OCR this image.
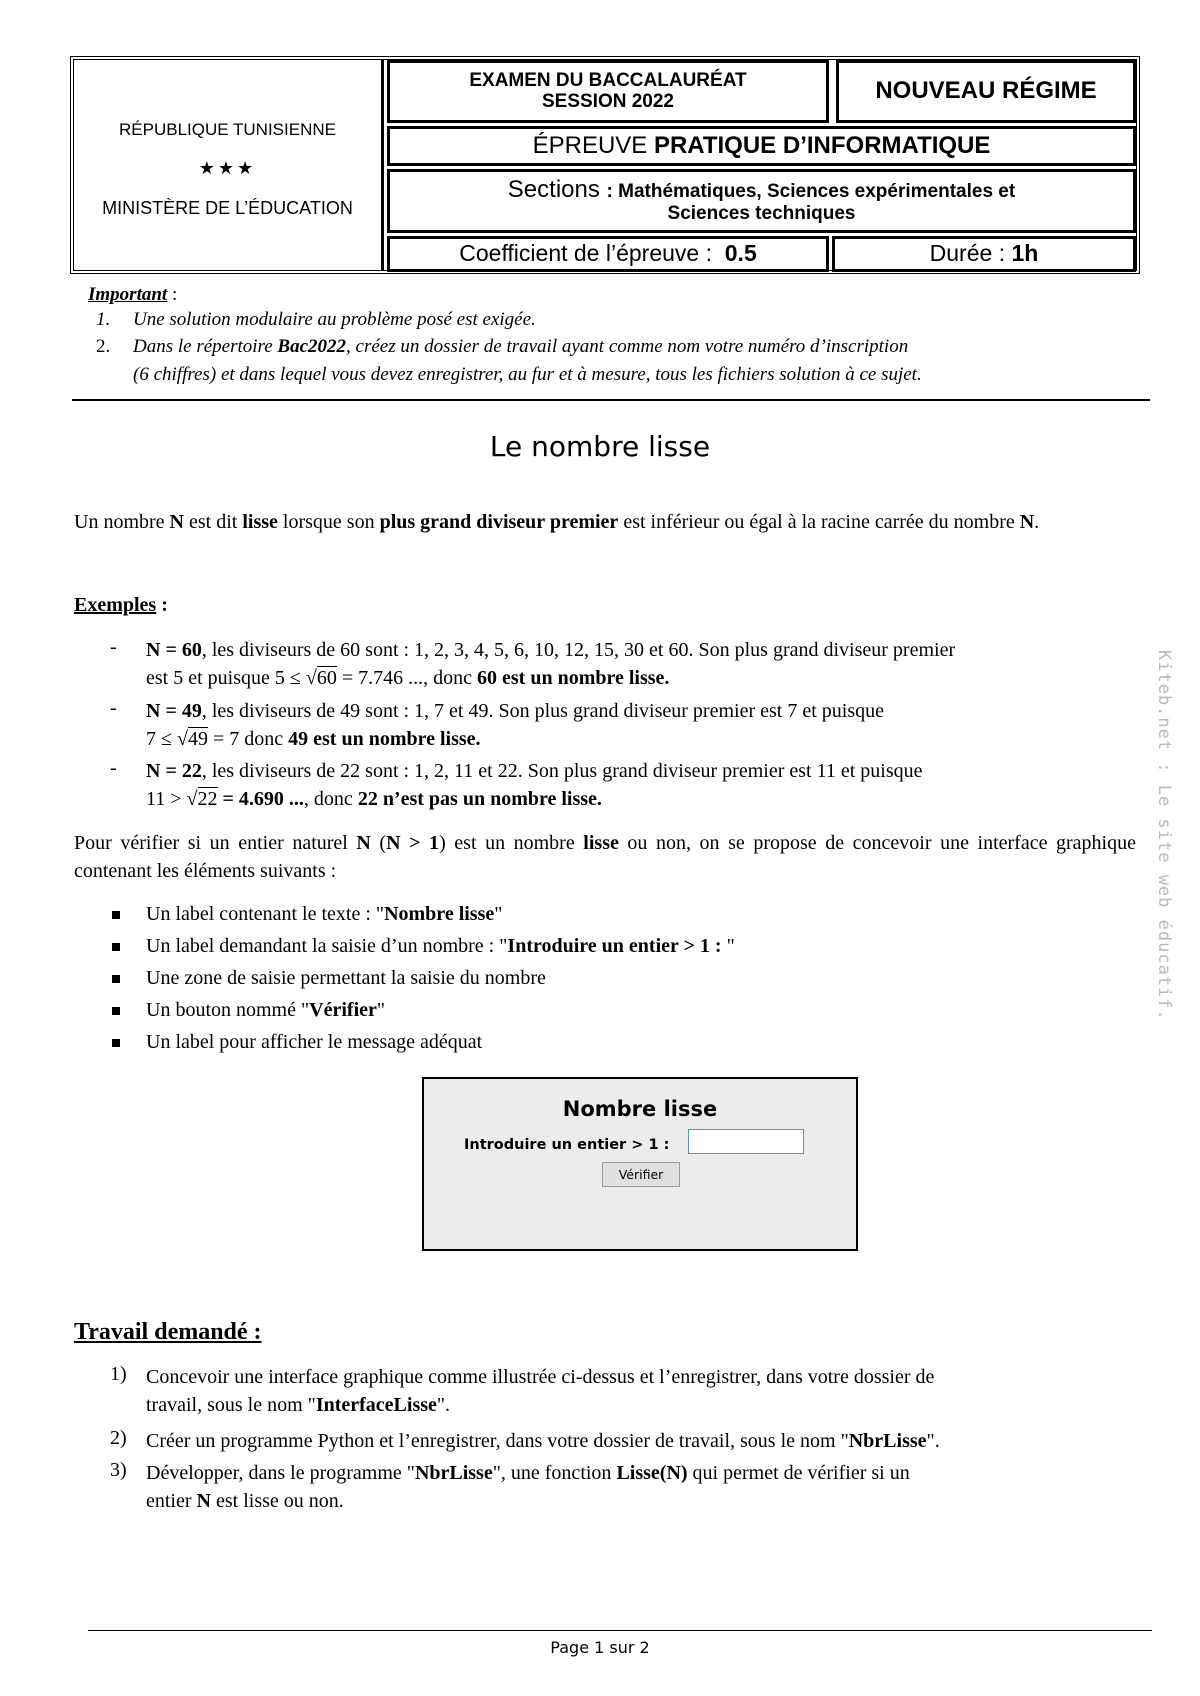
RÉPUBLIQUE TUNISIENNE
★★★
MINISTÈRE DE L’ÉDUCATION
EXAMEN DU BACCALAURÉAT
SESSION 2022	NOUVEAU RÉGIME
ÉPREUVE PRATIQUE D’INFORMATIQUE
Sections : Mathématiques, Sciences expérimentales et
Sciences techniques
Coefficient de l’épreuve :
0.5	Durée : 1h
Important :
1. Une solution modulaire au problème posé est exigée.
2. Dans le répertoire Bac2022, créez un dossier de travail ayant comme nom votre numéro d’inscription
(6 chiffres) et dans lequel vous devez enregistrer, au fur et à mesure, tous les fichiers solution à ce sujet.
Le nombre lisse
Un nombre N est dit lisse lorsque son plus grand diviseur premier est inférieur ou égal à la racine carrée du nombre N.
Exemples :
- N = 60, les diviseurs de 60 sont : 1, 2, 3, 4, 5, 6, 10, 12, 15, 30 et 60. Son plus grand diviseur premier
est 5 et puisque 5 ≤ √60 = 7.746 ..., donc 60 est un nombre lisse.
- N = 49, les diviseurs de 49 sont : 1, 7 et 49. Son plus grand diviseur premier est 7 et puisque
7 ≤ √49 = 7 donc 49 est un nombre lisse.
- N = 22, les diviseurs de 22 sont : 1, 2, 11 et 22. Son plus grand diviseur premier est 11 et puisque
11 > √22 = 4.690 ..., donc 22 n’est pas un nombre lisse.
Pour vérifier si un entier naturel N (N > 1) est un nombre lisse ou non, on se propose de concevoir une interface graphique contenant les éléments suivants :
Un label contenant le texte : "Nombre lisse"
Un label demandant la saisie d’un nombre : "Introduire un entier > 1 : "
Une zone de saisie permettant la saisie du nombre
Un bouton nommé "Vérifier"
Un label pour afficher le message adéquat
Nombre lisse
Introduire un entier > 1 :
Vérifier
Travail demandé :
1) Concevoir une interface graphique comme illustrée ci-dessus et l’enregistrer, dans votre dossier de
travail, sous le nom "InterfaceLisse".
2) Créer un programme Python et l’enregistrer, dans votre dossier de travail, sous le nom "NbrLisse".
3) Développer, dans le programme "NbrLisse", une fonction Lisse(N) qui permet de vérifier si un
entier N est lisse ou non.
Kiteb.net : Le site web éducatif.
Page 1 sur 2
